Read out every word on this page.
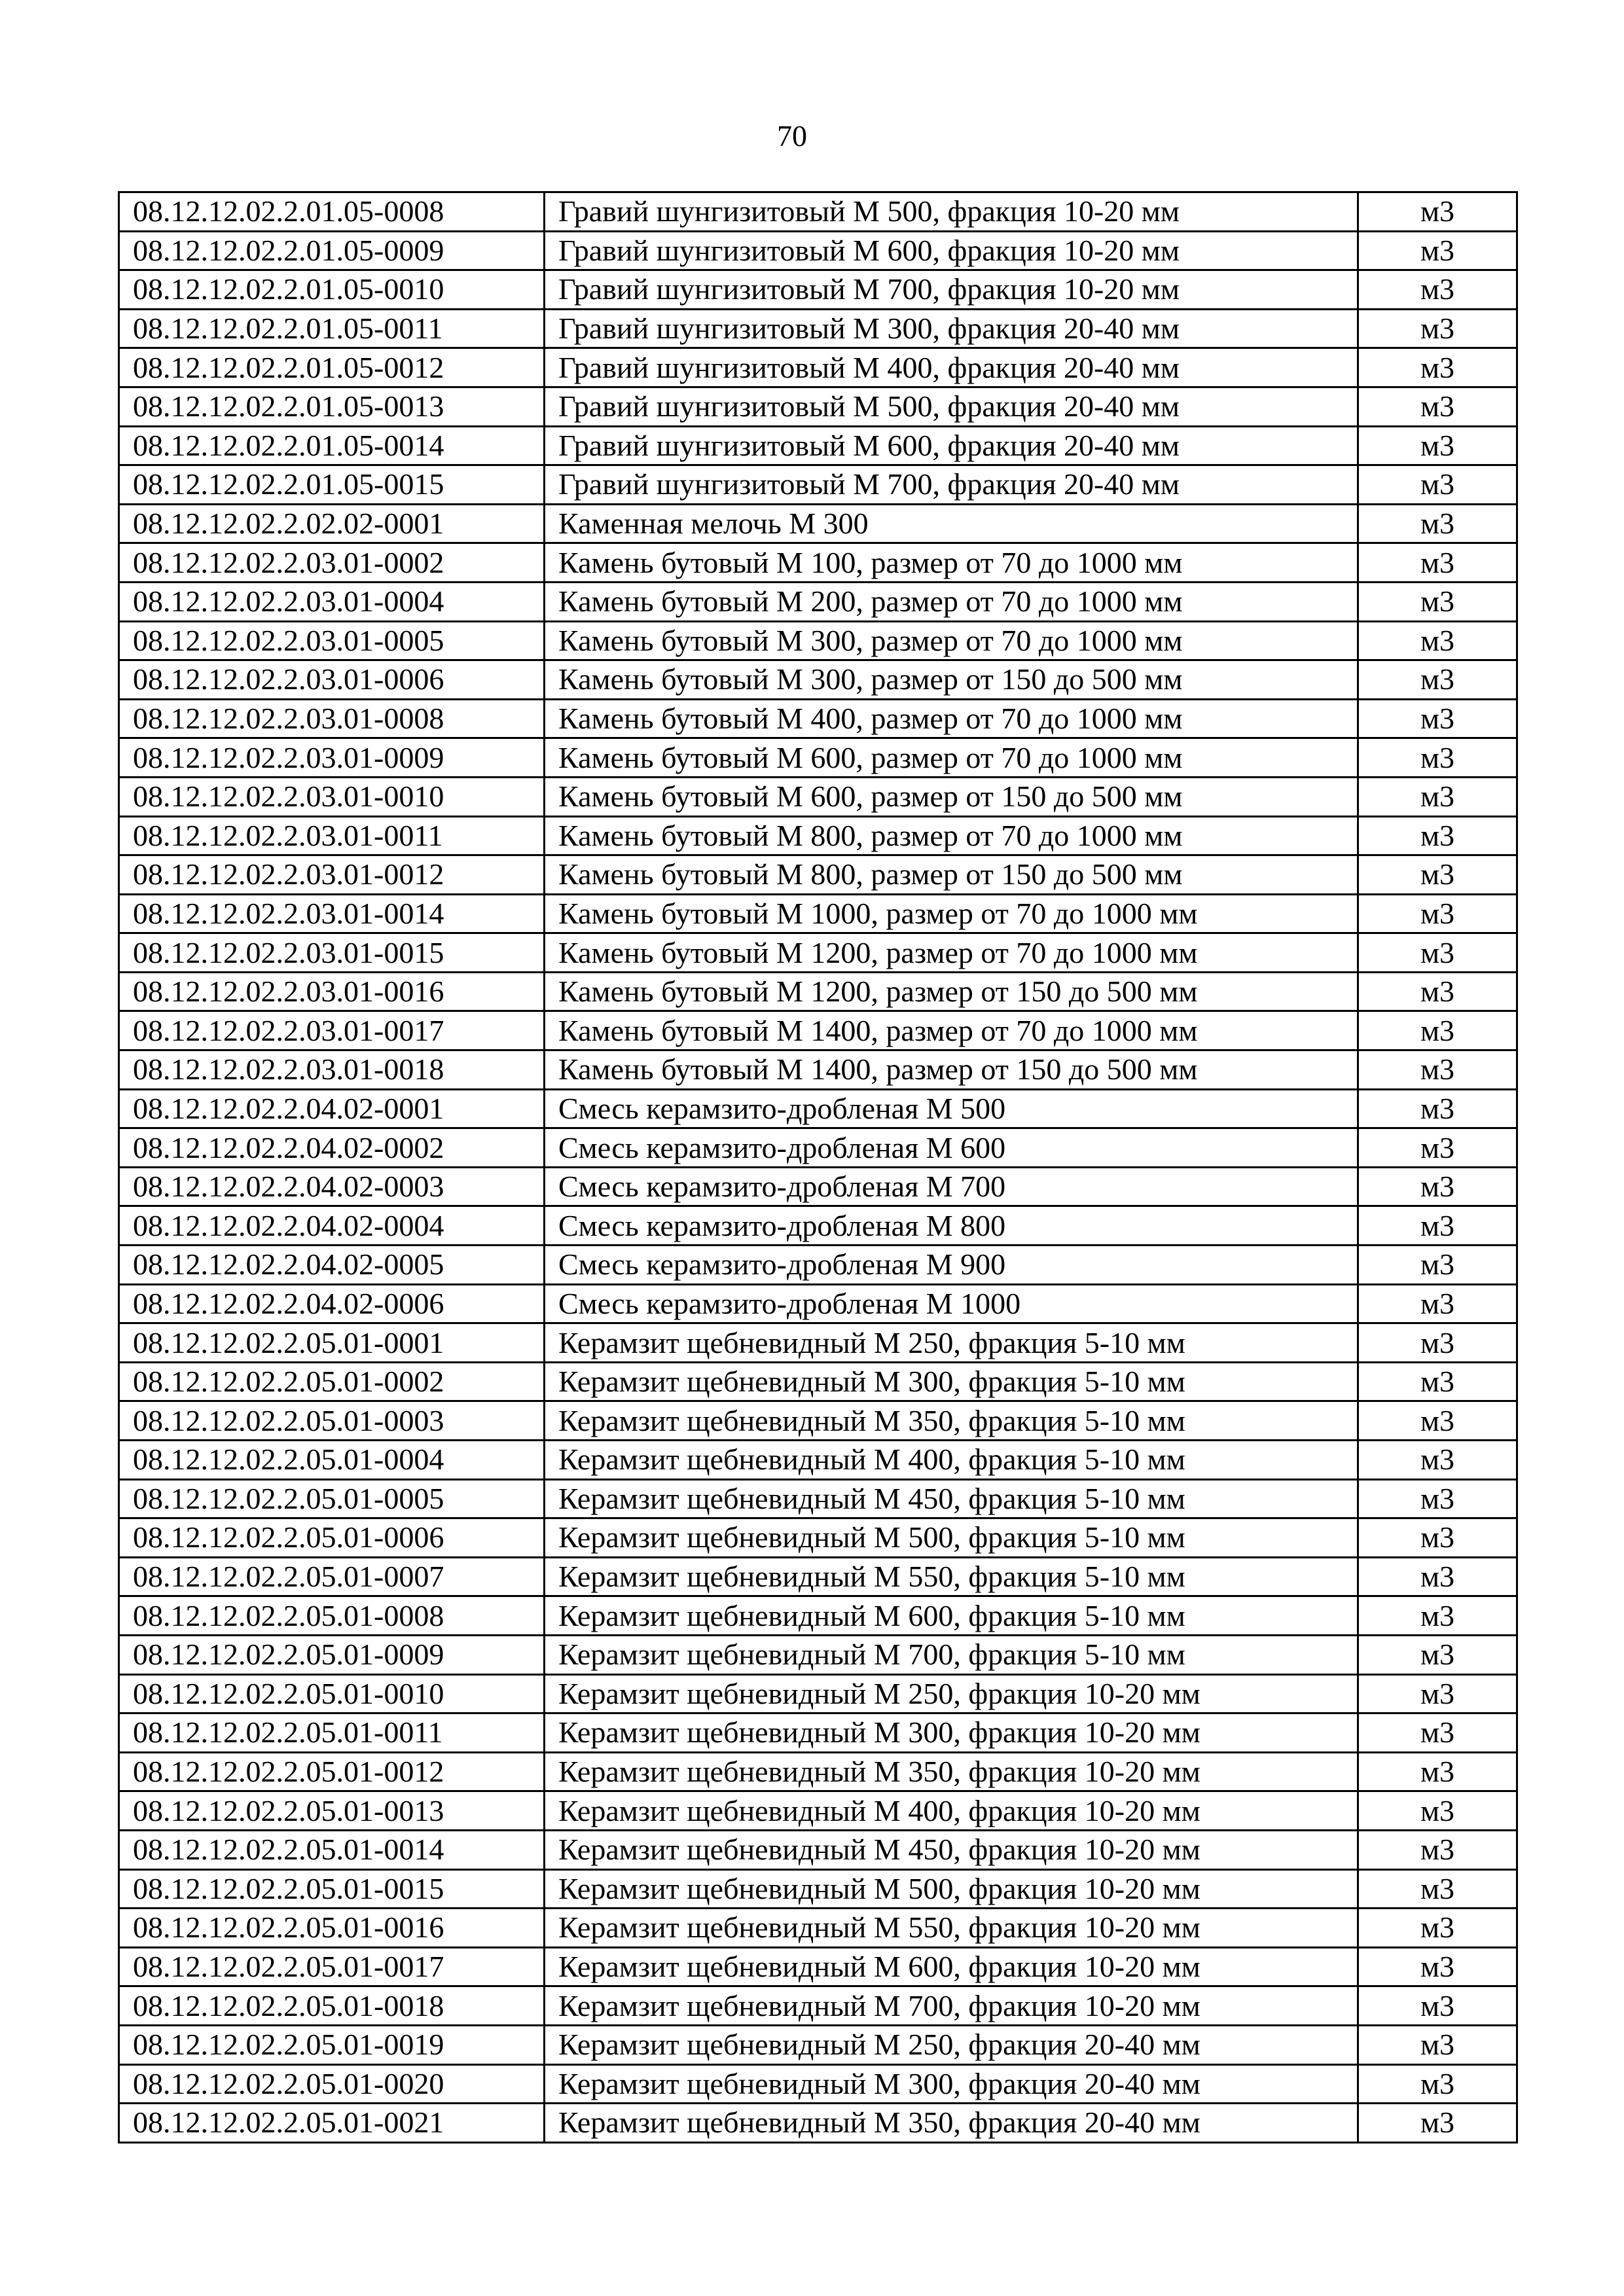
70
08.12.12.02.2.01.05-0008	Гравий шунгизитовый М 500, фракция 10-20 мм	м3
08.12.12.02.2.01.05-0009	Гравий шунгизитовый М 600, фракция 10-20 мм	м3
08.12.12.02.2.01.05-0010	Гравий шунгизитовый М 700, фракция 10-20 мм	м3
08.12.12.02.2.01.05-0011	Гравий шунгизитовый М 300, фракция 20-40 мм	м3
08.12.12.02.2.01.05-0012	Гравий шунгизитовый М 400, фракция 20-40 мм	м3
08.12.12.02.2.01.05-0013	Гравий шунгизитовый М 500, фракция 20-40 мм	м3
08.12.12.02.2.01.05-0014	Гравий шунгизитовый М 600, фракция 20-40 мм	м3
08.12.12.02.2.01.05-0015	Гравий шунгизитовый М 700, фракция 20-40 мм	м3
08.12.12.02.2.02.02-0001	Каменная мелочь М 300	м3
08.12.12.02.2.03.01-0002	Камень бутовый М 100, размер от 70 до 1000 мм	м3
08.12.12.02.2.03.01-0004	Камень бутовый М 200, размер от 70 до 1000 мм	м3
08.12.12.02.2.03.01-0005	Камень бутовый М 300, размер от 70 до 1000 мм	м3
08.12.12.02.2.03.01-0006	Камень бутовый М 300, размер от 150 до 500 мм	м3
08.12.12.02.2.03.01-0008	Камень бутовый М 400, размер от 70 до 1000 мм	м3
08.12.12.02.2.03.01-0009	Камень бутовый М 600, размер от 70 до 1000 мм	м3
08.12.12.02.2.03.01-0010	Камень бутовый М 600, размер от 150 до 500 мм	м3
08.12.12.02.2.03.01-0011	Камень бутовый М 800, размер от 70 до 1000 мм	м3
08.12.12.02.2.03.01-0012	Камень бутовый М 800, размер от 150 до 500 мм	м3
08.12.12.02.2.03.01-0014	Камень бутовый М 1000, размер от 70 до 1000 мм	м3
08.12.12.02.2.03.01-0015	Камень бутовый М 1200, размер от 70 до 1000 мм	м3
08.12.12.02.2.03.01-0016	Камень бутовый М 1200, размер от 150 до 500 мм	м3
08.12.12.02.2.03.01-0017	Камень бутовый М 1400, размер от 70 до 1000 мм	м3
08.12.12.02.2.03.01-0018	Камень бутовый М 1400, размер от 150 до 500 мм	м3
08.12.12.02.2.04.02-0001	Смесь керамзито-дробленая М 500	м3
08.12.12.02.2.04.02-0002	Смесь керамзито-дробленая М 600	м3
08.12.12.02.2.04.02-0003	Смесь керамзито-дробленая М 700	м3
08.12.12.02.2.04.02-0004	Смесь керамзито-дробленая М 800	м3
08.12.12.02.2.04.02-0005	Смесь керамзито-дробленая М 900	м3
08.12.12.02.2.04.02-0006	Смесь керамзито-дробленая М 1000	м3
08.12.12.02.2.05.01-0001	Керамзит щебневидный М 250, фракция 5-10 мм	м3
08.12.12.02.2.05.01-0002	Керамзит щебневидный М 300, фракция 5-10 мм	м3
08.12.12.02.2.05.01-0003	Керамзит щебневидный М 350, фракция 5-10 мм	м3
08.12.12.02.2.05.01-0004	Керамзит щебневидный М 400, фракция 5-10 мм	м3
08.12.12.02.2.05.01-0005	Керамзит щебневидный М 450, фракция 5-10 мм	м3
08.12.12.02.2.05.01-0006	Керамзит щебневидный М 500, фракция 5-10 мм	м3
08.12.12.02.2.05.01-0007	Керамзит щебневидный М 550, фракция 5-10 мм	м3
08.12.12.02.2.05.01-0008	Керамзит щебневидный М 600, фракция 5-10 мм	м3
08.12.12.02.2.05.01-0009	Керамзит щебневидный М 700, фракция 5-10 мм	м3
08.12.12.02.2.05.01-0010	Керамзит щебневидный М 250, фракция 10-20 мм	м3
08.12.12.02.2.05.01-0011	Керамзит щебневидный М 300, фракция 10-20 мм	м3
08.12.12.02.2.05.01-0012	Керамзит щебневидный М 350, фракция 10-20 мм	м3
08.12.12.02.2.05.01-0013	Керамзит щебневидный М 400, фракция 10-20 мм	м3
08.12.12.02.2.05.01-0014	Керамзит щебневидный М 450, фракция 10-20 мм	м3
08.12.12.02.2.05.01-0015	Керамзит щебневидный М 500, фракция 10-20 мм	м3
08.12.12.02.2.05.01-0016	Керамзит щебневидный М 550, фракция 10-20 мм	м3
08.12.12.02.2.05.01-0017	Керамзит щебневидный М 600, фракция 10-20 мм	м3
08.12.12.02.2.05.01-0018	Керамзит щебневидный М 700, фракция 10-20 мм	м3
08.12.12.02.2.05.01-0019	Керамзит щебневидный М 250, фракция 20-40 мм	м3
08.12.12.02.2.05.01-0020	Керамзит щебневидный М 300, фракция 20-40 мм	м3
08.12.12.02.2.05.01-0021	Керамзит щебневидный М 350, фракция 20-40 мм	м3
